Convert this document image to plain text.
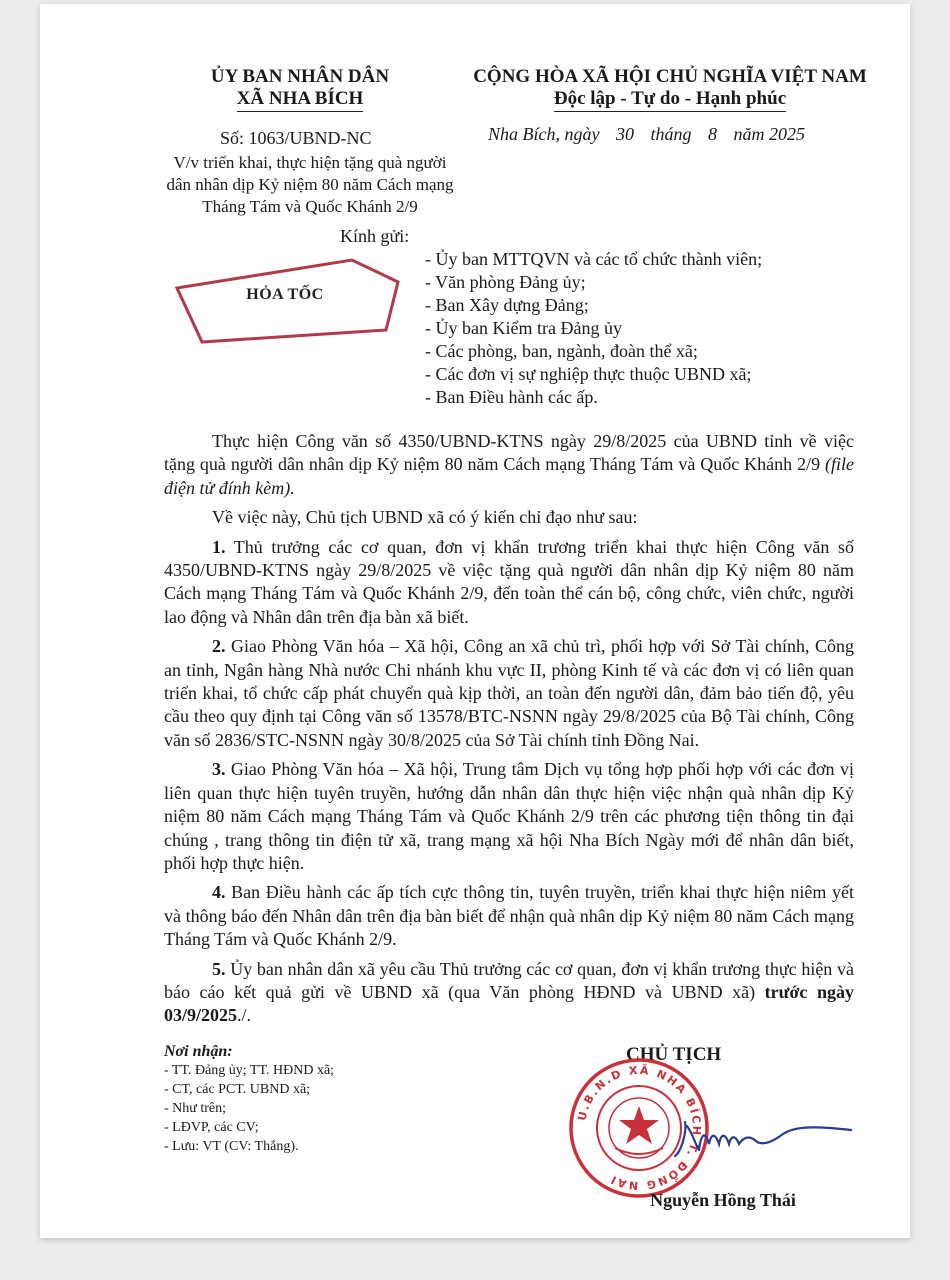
ỦY BAN NHÂN DÂN
XÃ NHA BÍCH
CỘNG HÒA XÃ HỘI CHỦ NGHĨA VIỆT NAM
Độc lập - Tự do - Hạnh phúc
Số: 1063/UBND-NC	Nha Bích, ngày 30 tháng 8 năm 2025
V/v triển khai, thực hiện tặng quà người dân nhân dịp Kỷ niệm 80 năm Cách mạng Tháng Tám và Quốc Khánh 2/9
Kính gửi:
- Ủy ban MTTQVN và các tổ chức thành viên;
- Văn phòng Đảng ủy;
- Ban Xây dựng Đảng;
- Ủy ban Kiểm tra Đảng ủy
- Các phòng, ban, ngành, đoàn thể xã;
- Các đơn vị sự nghiệp thực thuộc UBND xã;
- Ban Điều hành các ấp.
HỎA TỐC

Thực hiện Công văn số 4350/UBND-KTNS ngày 29/8/2025 của UBND tỉnh về việc tặng quà người dân nhân dịp Kỷ niệm 80 năm Cách mạng Tháng Tám và Quốc Khánh 2/9 (file điện tử đính kèm).

Về việc này, Chủ tịch UBND xã có ý kiến chỉ đạo như sau:

1. Thủ trưởng các cơ quan, đơn vị khẩn trương triển khai thực hiện Công văn số 4350/UBND-KTNS ngày 29/8/2025 về việc tặng quà người dân nhân dịp Kỷ niệm 80 năm Cách mạng Tháng Tám và Quốc Khánh 2/9, đến toàn thể cán bộ, công chức, viên chức, người lao động và Nhân dân trên địa bàn xã biết.

2. Giao Phòng Văn hóa – Xã hội, Công an xã chủ trì, phối hợp với Sở Tài chính, Công an tỉnh, Ngân hàng Nhà nước Chi nhánh khu vực II, phòng Kinh tế và các đơn vị có liên quan triển khai, tổ chức cấp phát chuyển quà kịp thời, an toàn đến người dân, đảm bảo tiến độ, yêu cầu theo quy định tại Công văn số 13578/BTC-NSNN ngày 29/8/2025 của Bộ Tài chính, Công văn số 2836/STC-NSNN ngày 30/8/2025 của Sở Tài chính tỉnh Đồng Nai.

3. Giao Phòng Văn hóa – Xã hội, Trung tâm Dịch vụ tổng hợp phối hợp với các đơn vị liên quan thực hiện tuyên truyền, hướng dẫn nhân dân thực hiện việc nhận quà nhân dịp Kỷ niệm 80 năm Cách mạng Tháng Tám và Quốc Khánh 2/9 trên các phương tiện thông tin đại chúng , trang thông tin điện tử xã, trang mạng xã hội Nha Bích Ngày mới để nhân dân biết, phối hợp thực hiện.

4. Ban Điều hành các ấp tích cực thông tin, tuyên truyền, triển khai thực hiện niêm yết và thông báo đến Nhân dân trên địa bàn biết để nhận quà nhân dịp Kỷ niệm 80 năm Cách mạng Tháng Tám và Quốc Khánh 2/9.

5. Ủy ban nhân dân xã yêu cầu Thủ trưởng các cơ quan, đơn vị khẩn trương thực hiện và báo cáo kết quả gửi về UBND xã (qua Văn phòng HĐND và UBND xã) trước ngày 03/9/2025./.

Nơi nhận:
- TT. Đảng ủy; TT. HĐND xã;
- CT, các PCT. UBND xã;
- Như trên;
- LĐVP, các CV;
- Lưu: VT (CV: Thắng).
CHỦ TỊCH
U.B.N.D XÃ NHA BÍCH T. ĐỒNG NAI
Nguyễn Hồng Thái
